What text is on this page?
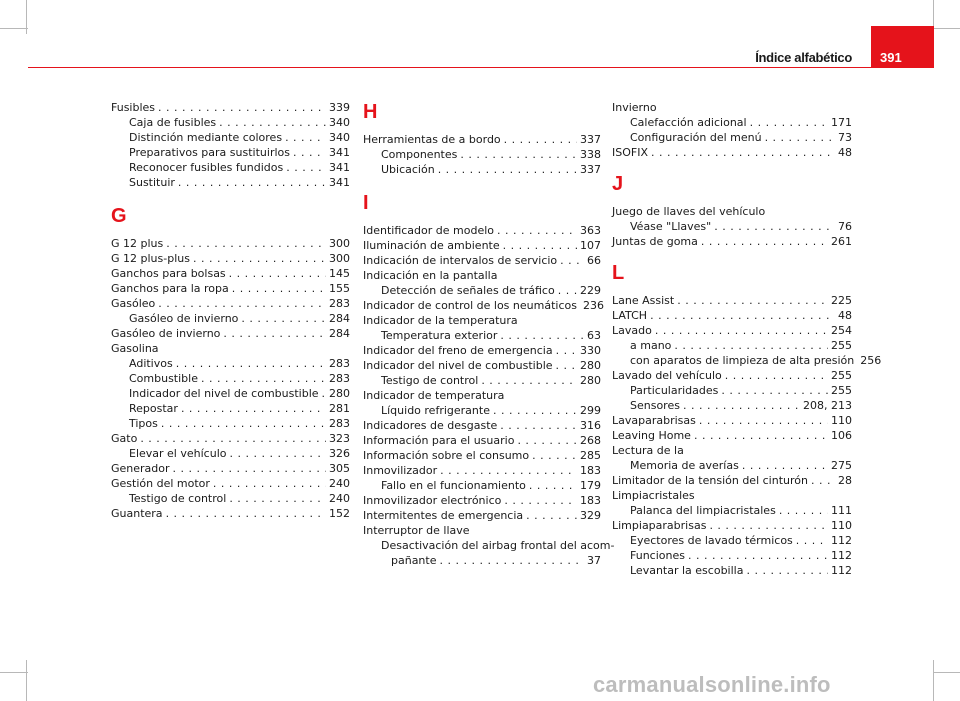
Índice alfabético 391
Fusibles . . .	339
Caja de fusibles . . .	340
Distinción mediante colores . . .	340
Preparativos para sustituirlos . . .	341
Reconocer fusibles fundidos . . .	341
Sustituir . . .	341
G
G 12 plus . . .	300
G 12 plus-plus . . .	300
Ganchos para bolsas . . .	145
Ganchos para la ropa . . .	155
Gasóleo . . .	283
Gasóleo de invierno . . .	284
Gasóleo de invierno . . .	284
Gasolina
Aditivos . . .	283
Combustible . . .	283
Indicador del nivel de combustible . . . 280
Repostar . . .	281
Tipos . . .	283
Gato . . .	323
Elevar el vehículo . . .	326
Generador . . .	305
Gestión del motor . . .	240
Testigo de control . . .	240
Guantera . . .	152
H
Herramientas de a bordo . . .	337
Componentes . . .	338
Ubicación . . .	337
I
Identificador de modelo . . .	363
Iluminación de ambiente . . .	107
Indicación de intervalos de servicio . . .	66
Indicación en la pantalla
Detección de señales de tráfico . . . 229
Indicador de control de los neumáticos 236
Indicador de la temperatura
Temperatura exterior . . .	63
Indicador del freno de emergencia . . . 330
Indicador del nivel de combustible . . . 280
Testigo de control . . .	280
Indicador de temperatura
Líquido refrigerante . . .	299
Indicadores de desgaste . . .	316
Información para el usuario . . .	268
Información sobre el consumo . . .	285
Inmovilizador . . .	183
Fallo en el funcionamiento . . .	179
Inmovilizador electrónico . . .	183
Intermitentes de emergencia . . .	329
Interruptor de llave
Desactivación del airbag frontal del acom-
pañante . . .	37
Invierno
Calefacción adicional . . .	171
Configuración del menú . . .	73
ISOFIX . . .	48
J
Juego de llaves del vehículo
Véase "Llaves" . . .	76
Juntas de goma . . .	261
L
Lane Assist . . .	225
LATCH . . .	48
Lavado . . .	254
a mano . . .	255
con aparatos de limpieza de alta presión 256
Lavado del vehículo . . .	255
Particularidades . . .	255
Sensores . . .	208, 213
Lavaparabrisas . . .	110
Leaving Home . . .	106
Lectura de la
Memoria de averías . . .	275
Limitador de la tensión del cinturón . . .	28
Limpiacristales
Palanca del limpiacristales . . .	111
Limpiaparabrisas . . .	110
Eyectores de lavado térmicos . . .	112
Funciones . . .	112
Levantar la escobilla . . .	112
carmanualsonline.info
